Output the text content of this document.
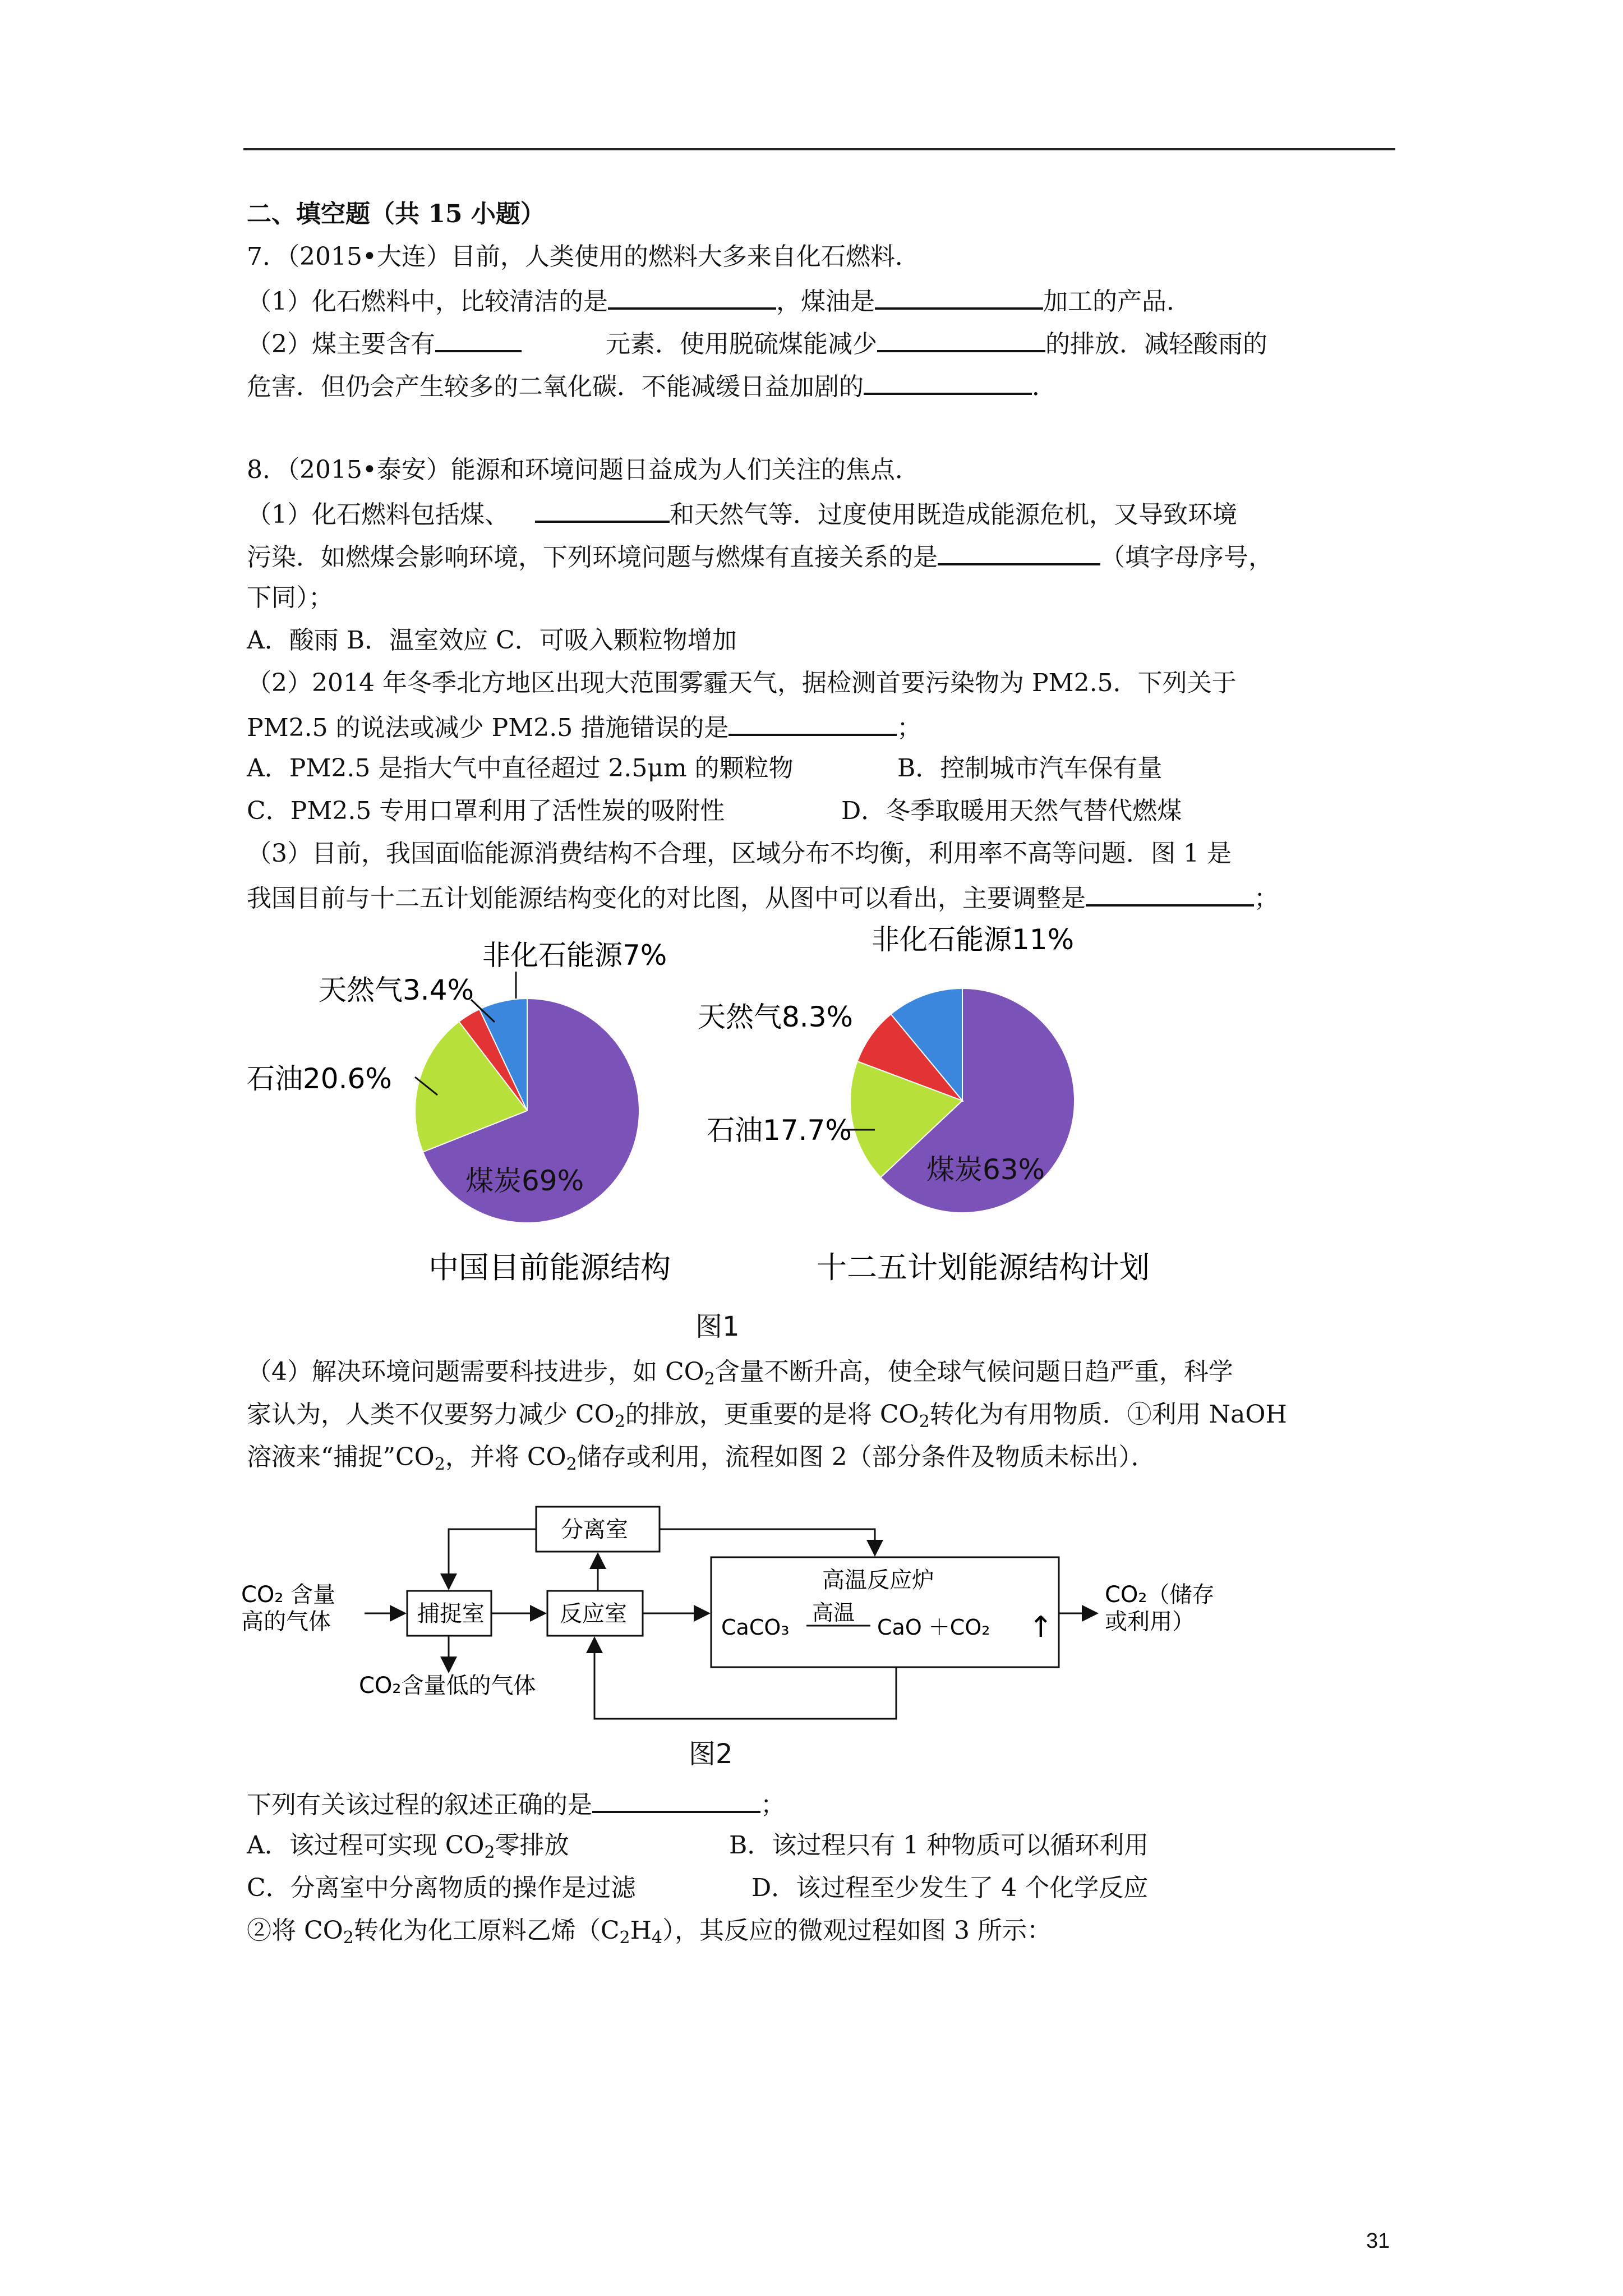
二、填空题（共 15 小题）
7．（2015•大连）目前，人类使用的燃料大多来自化石燃料．
（1）化石燃料中，比较清洁的是	，煤油是	加工的产品．
（2）煤主要含有	元素．使用脱硫煤能减少	的排放．减轻酸雨的
危害．但仍会产生较多的二氧化碳．不能减缓日益加剧的	．
8．（2015•泰安）能源和环境问题日益成为人们关注的焦点．
（1）化石燃料包括煤、	和天然气等．过度使用既造成能源危机，又导致环境
污染．如燃煤会影响环境，下列环境问题与燃煤有直接关系的是	（填字母序号，
下同）；
A．酸雨 B．温室效应 C．可吸入颗粒物增加
（2）2014 年冬季北方地区出现大范围雾霾天气，据检测首要污染物为 PM2.5．下列关于
PM2.5 的说法或减少 PM2.5 措施错误的是	；
A．PM2.5 是指大气中直径超过 2.5μm 的颗粒物	B．控制城市汽车保有量
C．PM2.5 专用口罩利用了活性炭的吸附性	D．冬季取暖用天然气替代燃煤
（3）目前，我国面临能源消费结构不合理，区域分布不均衡，利用率不高等问题．图 1 是
我国目前与十二五计划能源结构变化的对比图，从图中可以看出，主要调整是	；
非化石能源7%
天然气3.4%
石油20.6%
煤炭69%
中国目前能源结构
非化石能源11%
天然气8.3%
石油17.7%
煤炭63%
十二五计划能源结构计划
图1
（4）解决环境问题需要科技进步，如 $CO_2$含量不断升高，使全球气候问题日趋严重，科学
家认为，人类不仅要努力减少 $CO_2$的排放，更重要的是将 $CO_2$转化为有用物质．①利用 NaOH
溶液来“捕捉$”CO_2$，并将 $CO_2$储存或利用，流程如图 2（部分条件及物质未标出）．
CO₂ 含量
高的气体	捕捉室	反应室
分离室
高温反应炉
CaCO₃
高温
CaO ＋CO₂ ↑
CO₂（储存
或利用）
CO₂含量低的气体
图2
下列有关该过程的叙述正确的是	；
A．该过程可实现 $CO_2$零排放	B．该过程只有 1 种物质可以循环利用
C．分离室中分离物质的操作是过滤	D．该过程至少发生了 4 个化学反应
②将 $CO_2$转化为化工原料乙烯$(C_2H_4)$，其反应的微观过程如图 3 所示：
31
